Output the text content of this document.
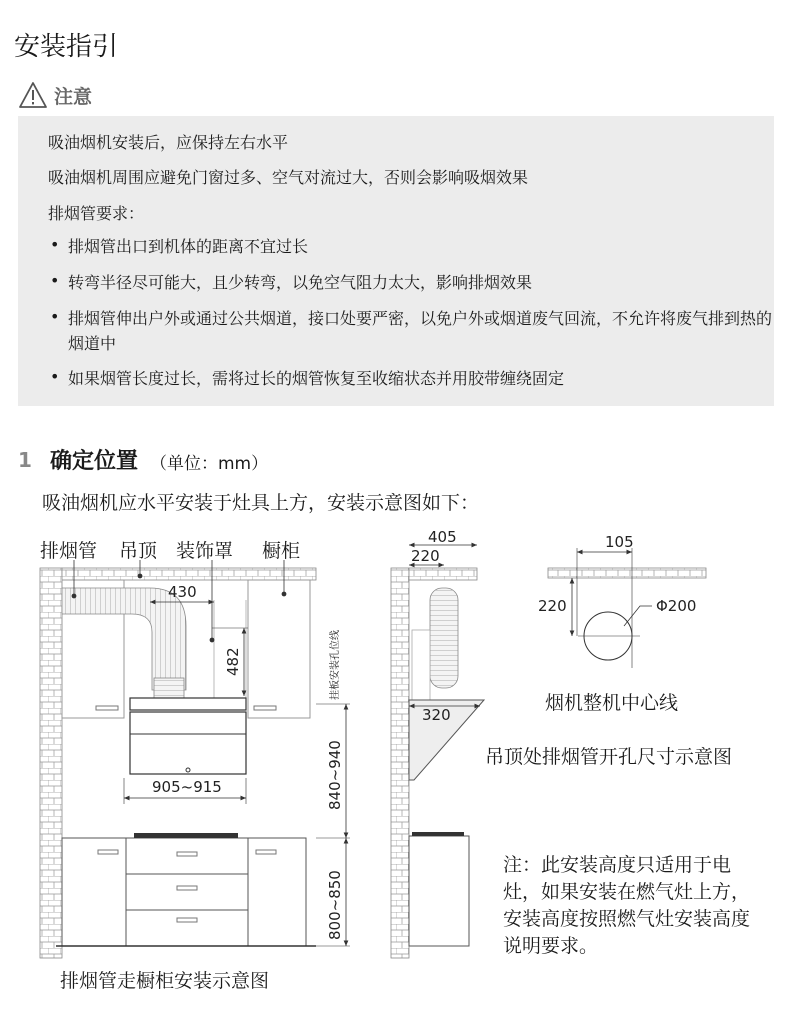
安装指引
注意
吸油烟机安装后，应保持左右水平
吸油烟机周围应避免门窗过多、空气对流过大，否则会影响吸烟效果
排烟管要求：
• 排烟管出口到机体的距离不宜过长
• 转弯半径尽可能大，且少转弯，以免空气阻力太大，影响排烟效果
• 排烟管伸出户外或通过公共烟道，接口处要严密，以免户外或烟道废气回流，不允许将废气排到热的烟道中
• 如果烟管长度过长，需将过长的烟管恢复至收缩状态并用胶带缠绕固定
1 确定位置 （单位：mm）
吸油烟机应水平安装于灶具上方，安装示意图如下：
排烟管 吊顶 装饰罩 橱柜
430
482
905~915	840~940
800~850
挂板安装孔位线
405
220
320
105
220	Φ200
烟机整机中心线
吊顶处排烟管开孔尺寸示意图
注：此安装高度只适用于电灶，如果安装在燃气灶上方，安装高度按照燃气灶安装高度说明要求。
排烟管走橱柜安装示意图
